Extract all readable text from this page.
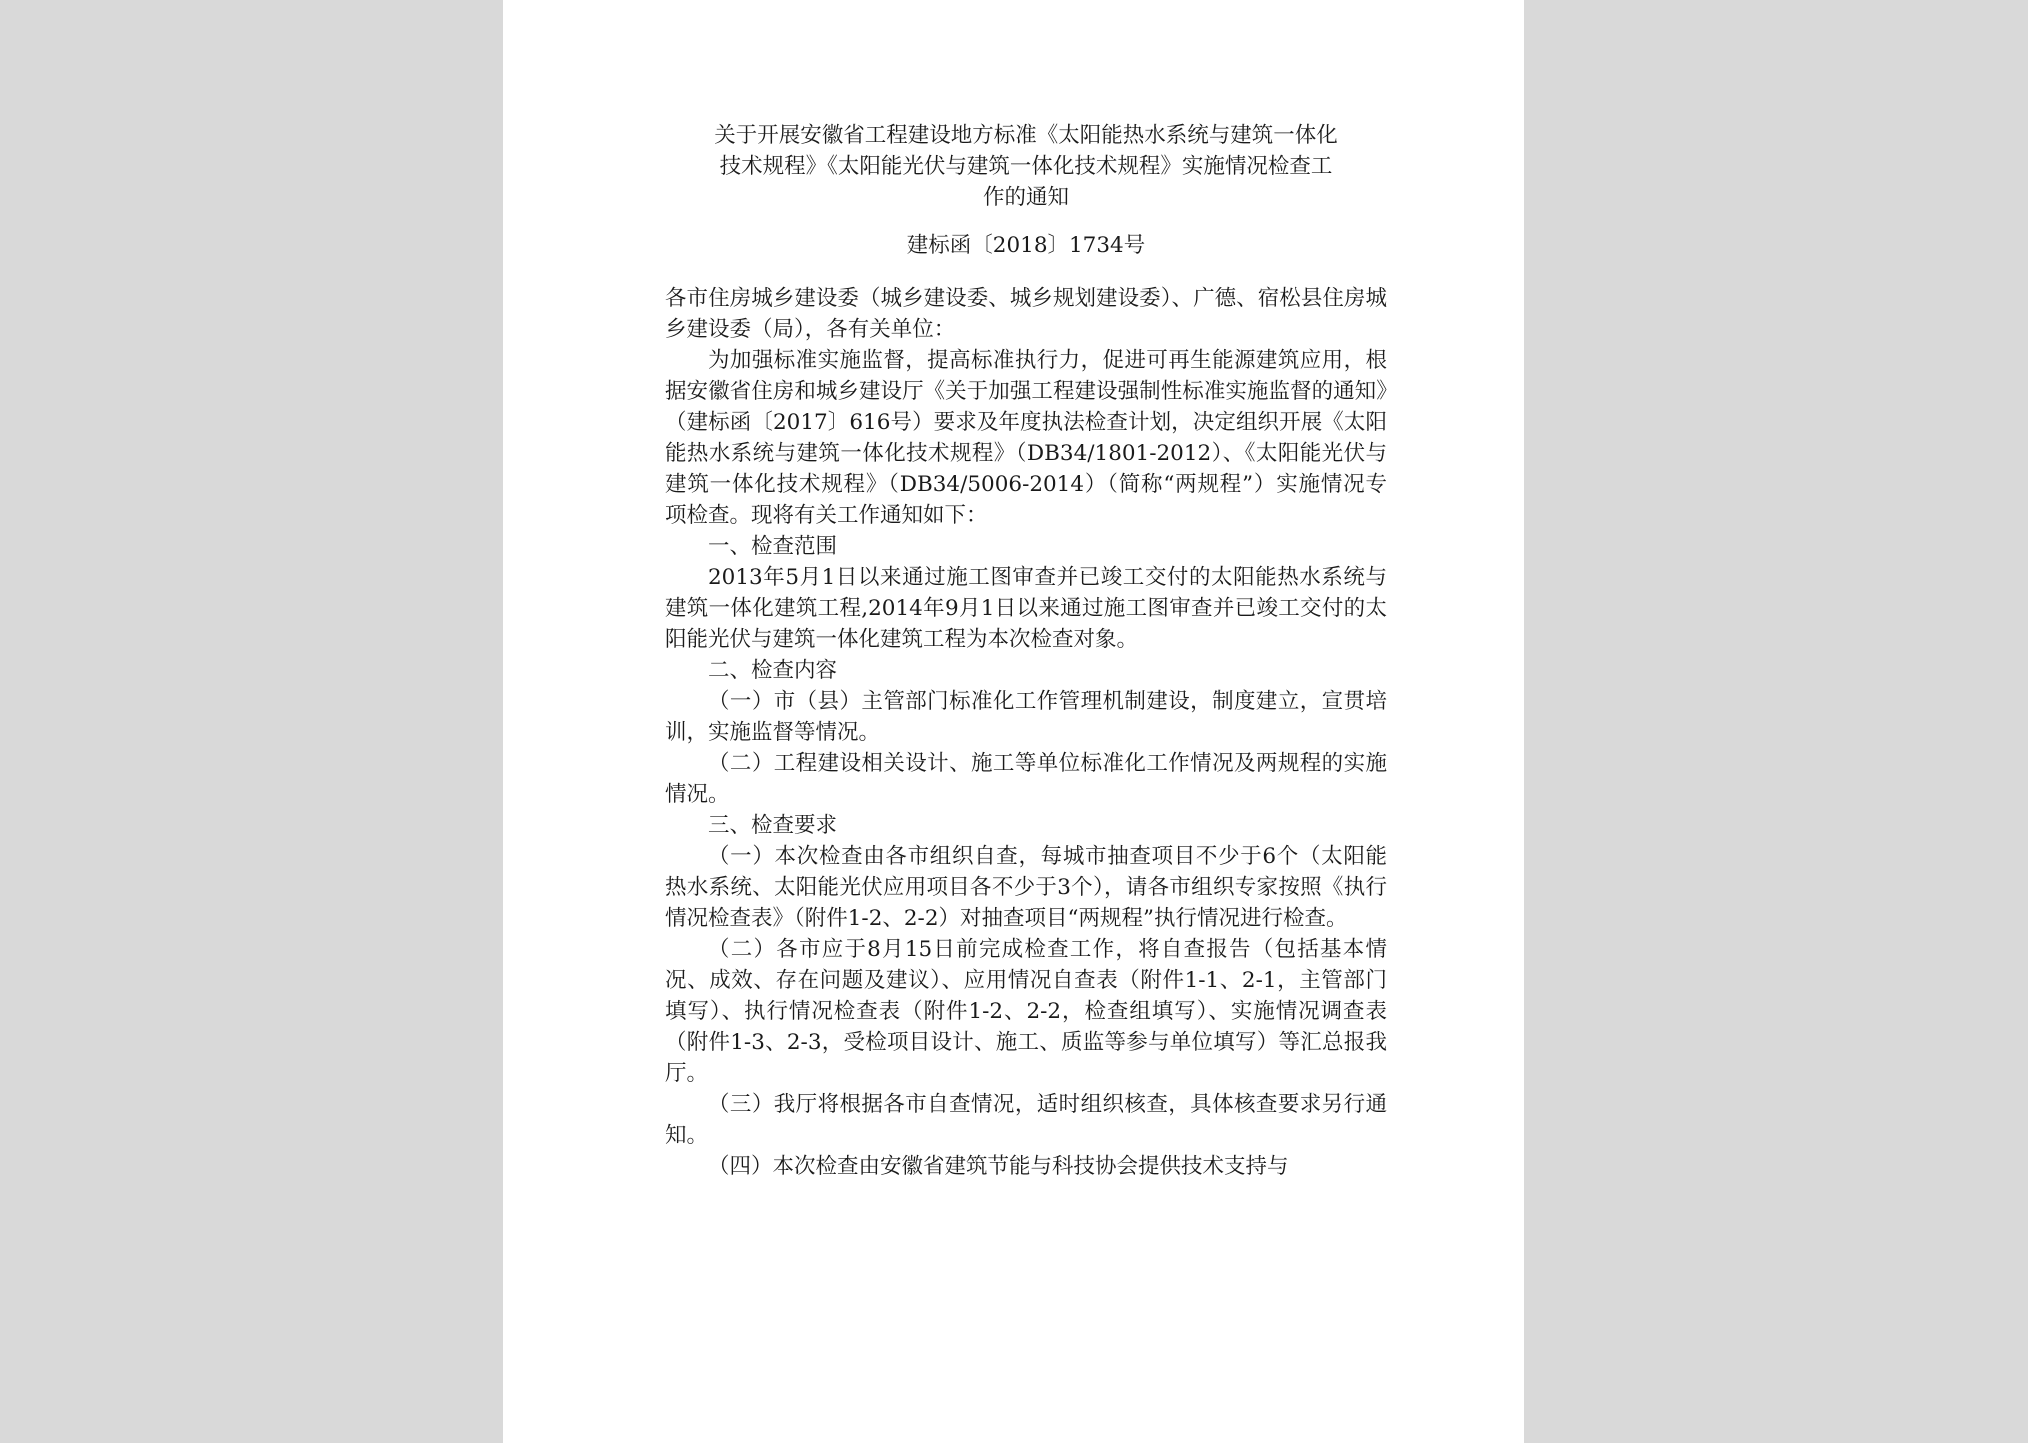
关于开展安徽省工程建设地方标准《太阳能热水系统与建筑一体化
技术规程》《太阳能光伏与建筑一体化技术规程》实施情况检查工
作的通知
建标函〔2018〕1734号

各市住房城乡建设委（城乡建设委、城乡规划建设委）、广德、宿松县住房城乡建设委（局），各有关单位：

为加强标准实施监督，提高标准执行力，促进可再生能源建筑应用，根据安徽省住房和城乡建设厅《关于加强工程建设强制性标准实施监督的通知》（建标函〔2017〕616号）要求及年度执法检查计划，决定组织开展《太阳能热水系统与建筑一体化技术规程》（DB34/1801-2012）、《太阳能光伏与建筑一体化技术规程》（DB34/5006-2014）（简称“两规程”）实施情况专项检查。现将有关工作通知如下：

一、检查范围

2013年5月1日以来通过施工图审查并已竣工交付的太阳能热水系统与建筑一体化建筑工程,2014年9月1日以来通过施工图审查并已竣工交付的太阳能光伏与建筑一体化建筑工程为本次检查对象。

二、检查内容

（一）市（县）主管部门标准化工作管理机制建设，制度建立，宣贯培训，实施监督等情况。

（二）工程建设相关设计、施工等单位标准化工作情况及两规程的实施情况。

三、检查要求

（一）本次检查由各市组织自查，每城市抽查项目不少于6个（太阳能热水系统、太阳能光伏应用项目各不少于3个），请各市组织专家按照《执行情况检查表》（附件1-2、2-2）对抽查项目“两规程”执行情况进行检查。

（二）各市应于8月15日前完成检查工作，将自查报告（包括基本情况、成效、存在问题及建议）、应用情况自查表（附件1-1、2-1，主管部门填写）、执行情况检查表（附件1-2、2-2，检查组填写）、实施情况调查表（附件1-3、2-3，受检项目设计、施工、质监等参与单位填写）等汇总报我厅。

（三）我厅将根据各市自查情况，适时组织核查，具体核查要求另行通知。

（四）本次检查由安徽省建筑节能与科技协会提供技术支持与
